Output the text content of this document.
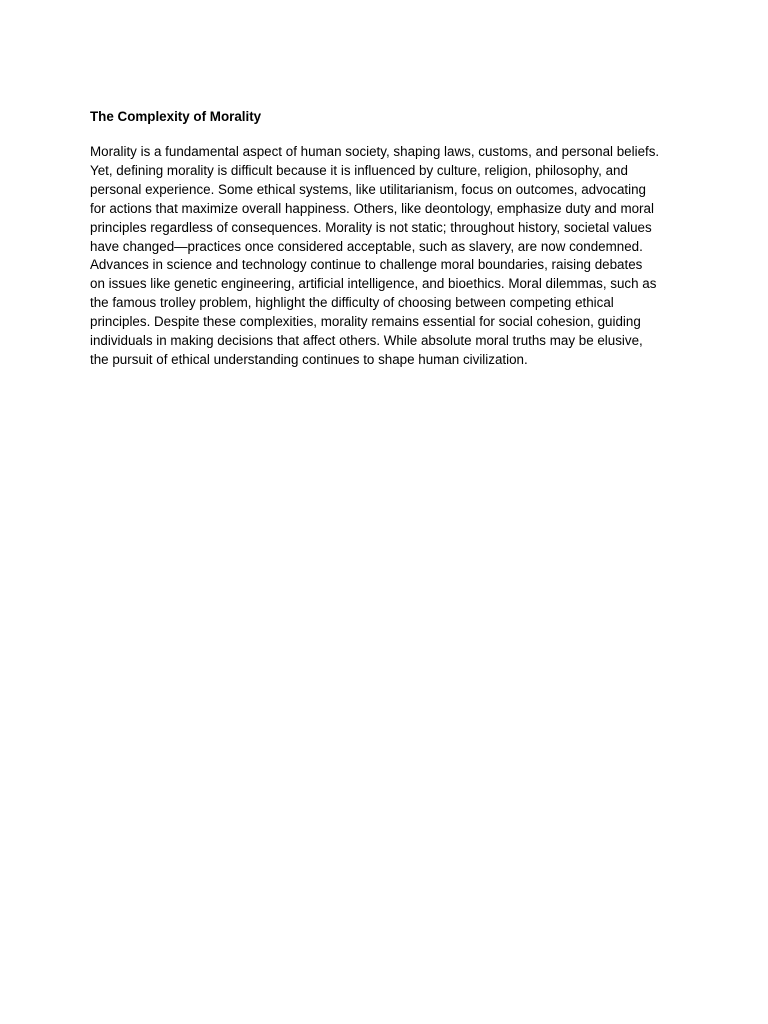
The Complexity of Morality

Morality is a fundamental aspect of human society, shaping laws, customs, and personal beliefs.
Yet, defining morality is difficult because it is influenced by culture, religion, philosophy, and
personal experience. Some ethical systems, like utilitarianism, focus on outcomes, advocating
for actions that maximize overall happiness. Others, like deontology, emphasize duty and moral
principles regardless of consequences. Morality is not static; throughout history, societal values
have changed—practices once considered acceptable, such as slavery, are now condemned.
Advances in science and technology continue to challenge moral boundaries, raising debates
on issues like genetic engineering, artificial intelligence, and bioethics. Moral dilemmas, such as
the famous trolley problem, highlight the difficulty of choosing between competing ethical
principles. Despite these complexities, morality remains essential for social cohesion, guiding
individuals in making decisions that affect others. While absolute moral truths may be elusive,
the pursuit of ethical understanding continues to shape human civilization.
